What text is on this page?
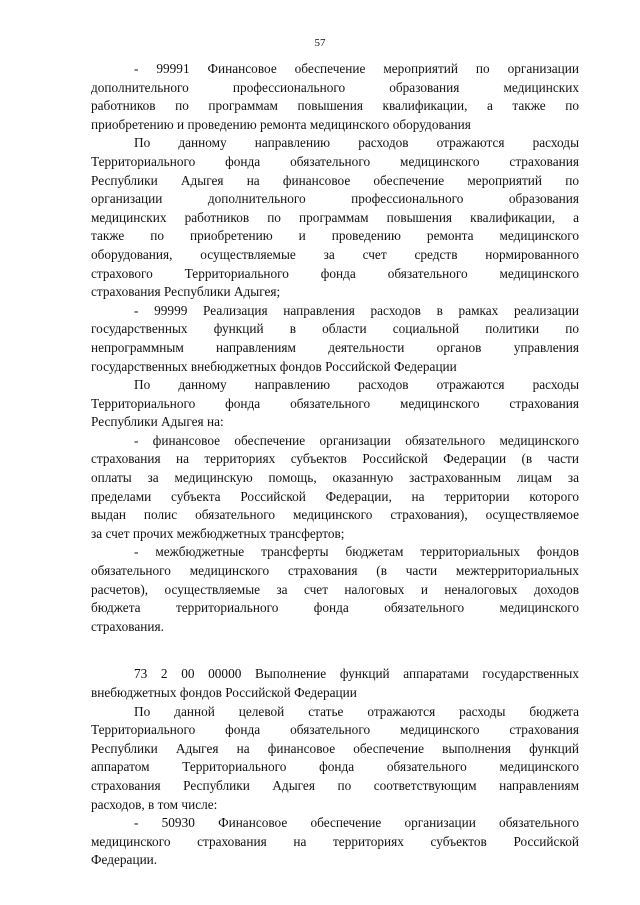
57
- 99991 Финансовое обеспечение мероприятий по организации
дополнительного профессионального образования медицинских
работников по программам повышения квалификации, а также по
приобретению и проведению ремонта медицинского оборудования
По данному направлению расходов отражаются расходы
Территориального фонда обязательного медицинского страхования
Республики Адыгея на финансовое обеспечение мероприятий по
организации дополнительного профессионального образования
медицинских работников по программам повышения квалификации, а
также по приобретению и проведению ремонта медицинского
оборудования, осуществляемые за счет средств нормированного
страхового Территориального фонда обязательного медицинского
страхования Республики Адыгея;
- 99999 Реализация направления расходов в рамках реализации
государственных функций в области социальной политики по
непрограммным направлениям деятельности органов управления
государственных внебюджетных фондов Российской Федерации
По данному направлению расходов отражаются расходы
Территориального фонда обязательного медицинского страхования
Республики Адыгея на:
- финансовое обеспечение организации обязательного медицинского
страхования на территориях субъектов Российской Федерации (в части
оплаты за медицинскую помощь, оказанную застрахованным лицам за
пределами субъекта Российской Федерации, на территории которого
выдан полис обязательного медицинского страхования), осуществляемое
за счет прочих межбюджетных трансфертов;
- межбюджетные трансферты бюджетам территориальных фондов
обязательного медицинского страхования (в части межтерриториальных
расчетов), осуществляемые за счет налоговых и неналоговых доходов
бюджета территориального фонда обязательного медицинского
страхования.
73 2 00 00000 Выполнение функций аппаратами государственных
внебюджетных фондов Российской Федерации
По данной целевой статье отражаются расходы бюджета
Территориального фонда обязательного медицинского страхования
Республики Адыгея на финансовое обеспечение выполнения функций
аппаратом Территориального фонда обязательного медицинского
страхования Республики Адыгея по соответствующим направлениям
расходов, в том числе:
- 50930 Финансовое обеспечение организации обязательного
медицинского страхования на территориях субъектов Российской
Федерации.
